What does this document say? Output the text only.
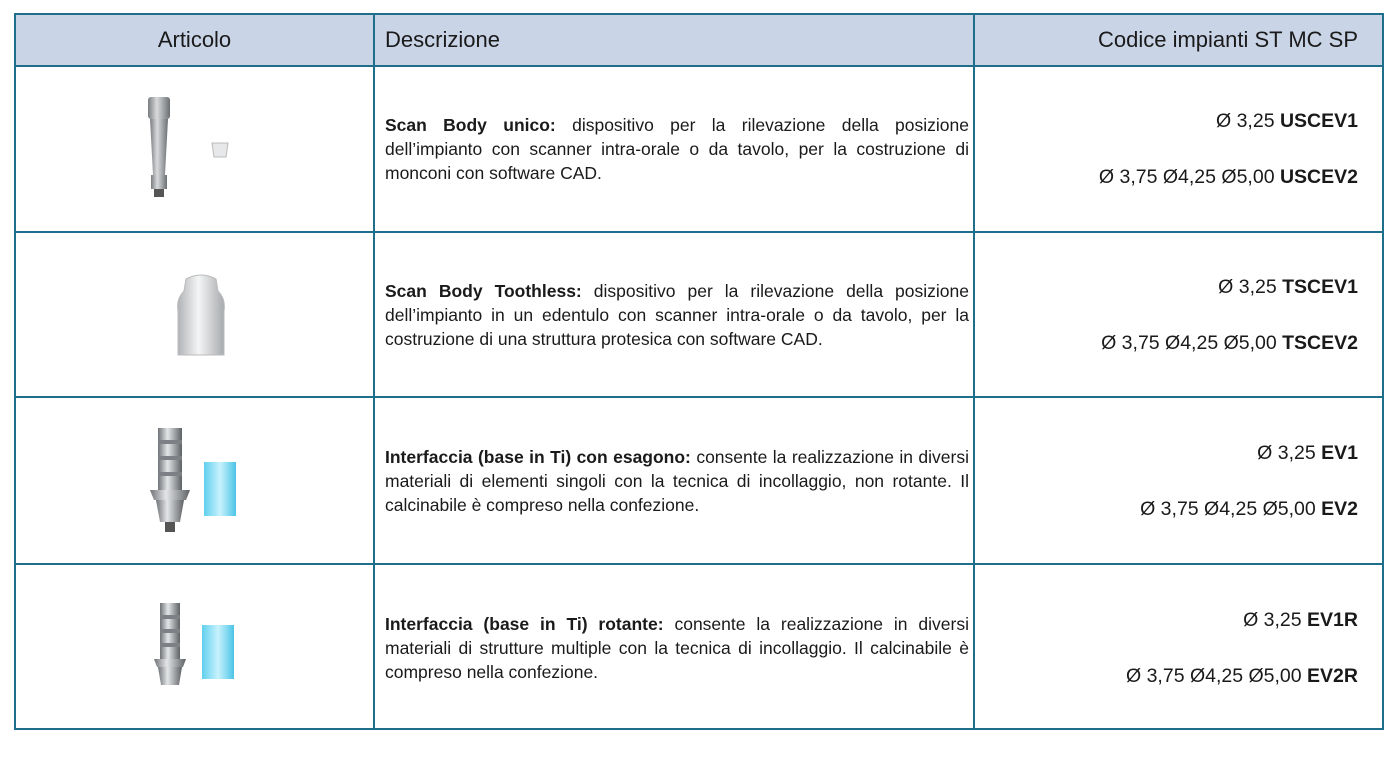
Articolo	Descrizione	Codice impianti ST MC SP
Scan Body unico: dispositivo per la rilevazione della posizione dell’impianto con scanner intra-orale o da tavolo, per la costruzione di monconi con software CAD.
Ø 3,25 USCEV1
Ø 3,75 Ø4,25 Ø5,00 USCEV2
Scan Body Toothless: dispositivo per la rilevazione della posizione dell’impianto in un edentulo con scanner intra-orale o da tavolo, per la costruzione di una struttura protesica con software CAD.
Ø 3,25 TSCEV1
Ø 3,75 Ø4,25 Ø5,00 TSCEV2
Interfaccia (base in Ti) con esagono: consente la realizzazione in diversi materiali di elementi singoli con la tecnica di incollaggio, non rotante. Il calcinabile è compreso nella confezione.
Ø 3,25 EV1
Ø 3,75 Ø4,25 Ø5,00 EV2
Interfaccia (base in Ti) rotante: consente la realizzazione in diversi materiali di strutture multiple con la tecnica di incollaggio. Il calcinabile è compreso nella confezione.
Ø 3,25 EV1R
Ø 3,75 Ø4,25 Ø5,00 EV2R
